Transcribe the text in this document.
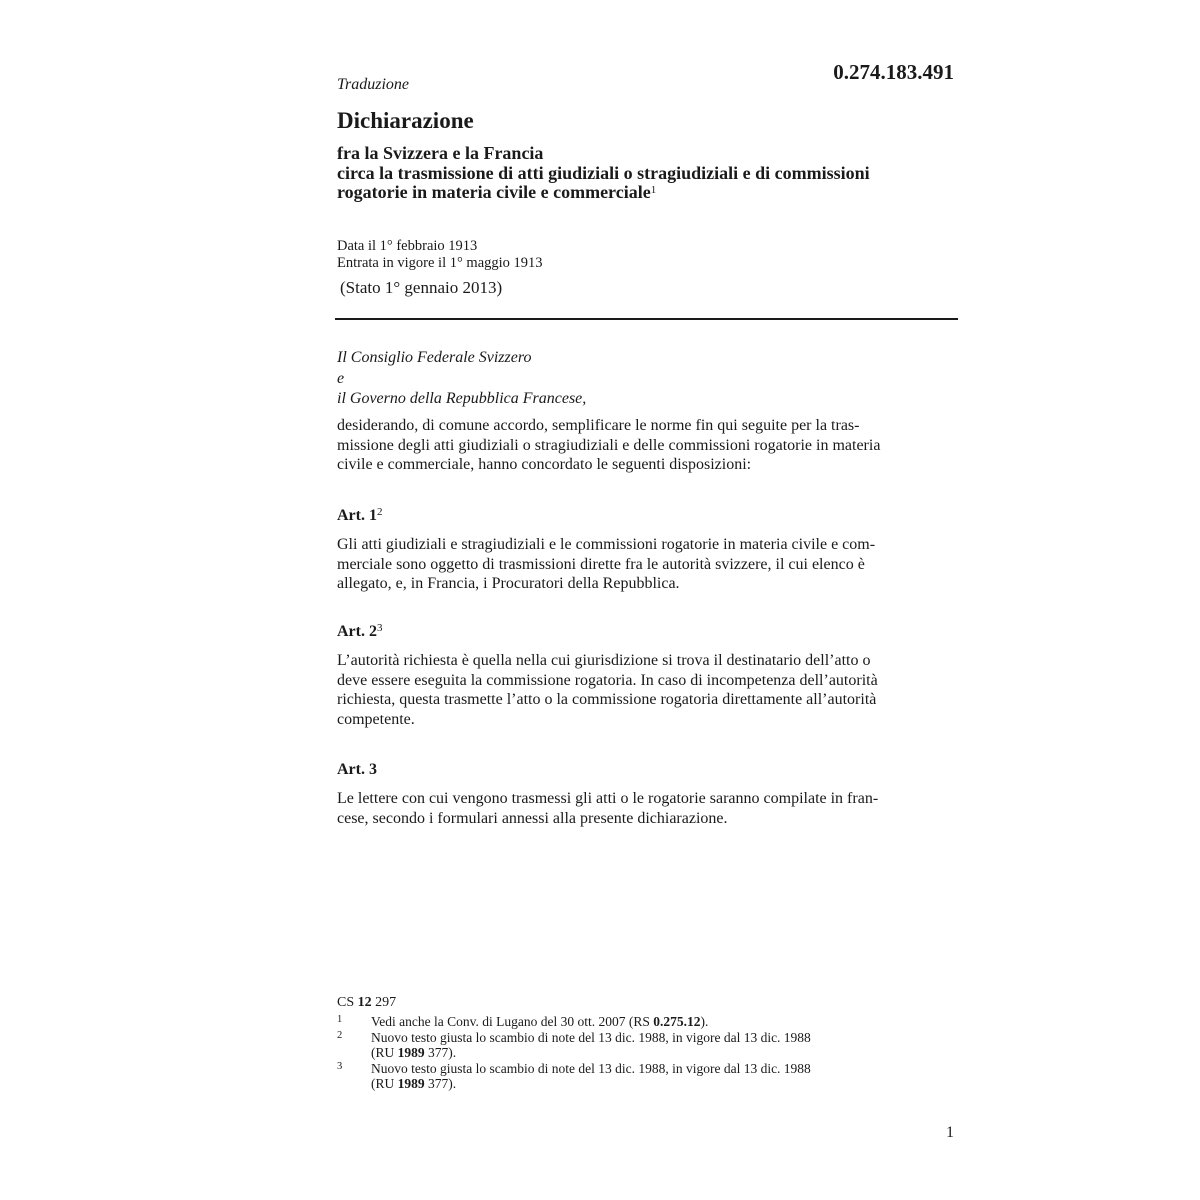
0.274.183.491
Traduzione
Dichiarazione
fra la Svizzera e la Francia
circa la trasmissione di atti giudiziali o stragiudiziali e di commissioni
rogatorie in materia civile e commerciale$^1$
Data il 1° febbraio 1913
Entrata in vigore il 1° maggio 1913
(Stato 1° gennaio 2013)
Il Consiglio Federale Svizzero
e
il Governo della Repubblica Francese,
desiderando, di comune accordo, semplificare le norme fin qui seguite per la tras-
missione degli atti giudiziali o stragiudiziali e delle commissioni rogatorie in materia
civile e commerciale, hanno concordato le seguenti disposizioni:
Art. $1^2$
Gli atti giudiziali e stragiudiziali e le commissioni rogatorie in materia civile e com-
merciale sono oggetto di trasmissioni dirette fra le autorità svizzere, il cui elenco è
allegato, e, in Francia, i Procuratori della Repubblica.
Art. $2^3$
L’autorità richiesta è quella nella cui giurisdizione si trova il destinatario dell’atto o
deve essere eseguita la commissione rogatoria. In caso di incompetenza dell’autorità
richiesta, questa trasmette l’atto o la commissione rogatoria direttamente all’autorità
competente.
Art. 3
Le lettere con cui vengono trasmessi gli atti o le rogatorie saranno compilate in fran-
cese, secondo i formulari annessi alla presente dichiarazione.
CS 12 297
1 Vedi anche la Conv. di Lugano del 30 ott. 2007 (RS 0.275.12).
2 Nuovo testo giusta lo scambio di note del 13 dic. 1988, in vigore dal 13 dic. 1988
(RU 1989 377).
3 Nuovo testo giusta lo scambio di note del 13 dic. 1988, in vigore dal 13 dic. 1988
(RU 1989 377).
1
